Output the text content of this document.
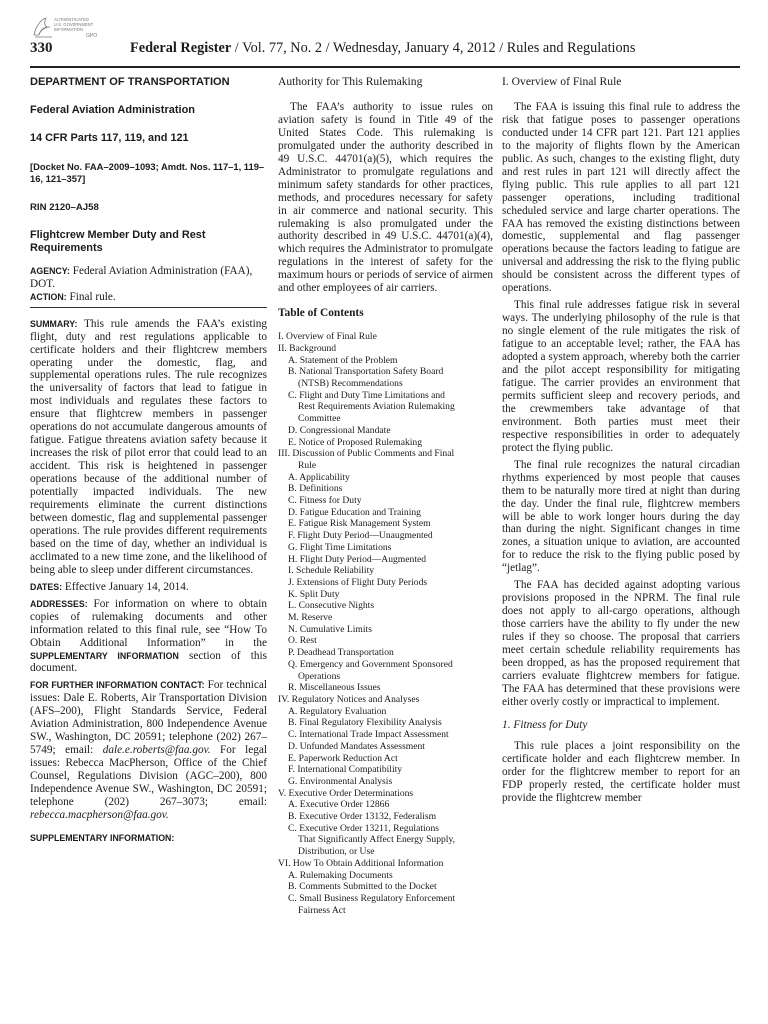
AUTHENTICATED
U.S. GOVERNMENT
INFORMATION
GPO
330	Federal Register / Vol. 77, No. 2 / Wednesday, January 4, 2012 / Rules and Regulations
DEPARTMENT OF TRANSPORTATION
Federal Aviation Administration
14 CFR Parts 117, 119, and 121
[Docket No. FAA–2009–1093; Amdt. Nos. 117–1, 119–16, 121–357]
RIN 2120–AJ58
Flightcrew Member Duty and Rest Requirements

AGENCY: Federal Aviation Administration (FAA), DOT.

ACTION: Final rule.

SUMMARY: This rule amends the FAA’s existing flight, duty and rest regulations applicable to certificate holders and their flightcrew members operating under the domestic, flag, and supplemental operations rules. The rule recognizes the universality of factors that lead to fatigue in most individuals and regulates these factors to ensure that flightcrew members in passenger operations do not accumulate dangerous amounts of fatigue. Fatigue threatens aviation safety because it increases the risk of pilot error that could lead to an accident. This risk is heightened in passenger operations because of the additional number of potentially impacted individuals. The new requirements eliminate the current distinctions between domestic, flag and supplemental passenger operations. The rule provides different requirements based on the time of day, whether an individual is acclimated to a new time zone, and the likelihood of being able to sleep under different circumstances.

DATES: Effective January 14, 2014.

ADDRESSES: For information on where to obtain copies of rulemaking documents and other information related to this final rule, see “How To Obtain Additional Information” in the SUPPLEMENTARY INFORMATION section of this document.

FOR FURTHER INFORMATION CONTACT: For technical issues: Dale E. Roberts, Air Transportation Division (AFS–200), Flight Standards Service, Federal Aviation Administration, 800 Independence Avenue SW., Washington, DC 20591; telephone (202) 267–5749; email: dale.e.roberts@faa.gov. For legal issues: Rebecca MacPherson, Office of the Chief Counsel, Regulations Division (AGC–200), 800 Independence Avenue SW., Washington, DC 20591; telephone (202) 267–3073; email: rebecca.macpherson@faa.gov.

SUPPLEMENTARY INFORMATION:
Authority for This Rulemaking

The FAA’s authority to issue rules on aviation safety is found in Title 49 of the United States Code. This rulemaking is promulgated under the authority described in 49 U.S.C. 44701(a)(5), which requires the Administrator to promulgate regulations and minimum safety standards for other practices, methods, and procedures necessary for safety in air commerce and national security. This rulemaking is also promulgated under the authority described in 49 U.S.C. 44701(a)(4), which requires the Administrator to promulgate regulations in the interest of safety for the maximum hours or periods of service of airmen and other employees of air carriers.

Table of Contents
I. Overview of Final Rule
II. Background
A. Statement of the Problem
B. National Transportation Safety Board
(NTSB) Recommendations
C. Flight and Duty Time Limitations and
Rest Requirements Aviation Rulemaking
Committee
D. Congressional Mandate
E. Notice of Proposed Rulemaking
III. Discussion of Public Comments and Final
Rule
A. Applicability
B. Definitions
C. Fitness for Duty
D. Fatigue Education and Training
E. Fatigue Risk Management System
F. Flight Duty Period—Unaugmented
G. Flight Time Limitations
H. Flight Duty Period—Augmented
I. Schedule Reliability
J. Extensions of Flight Duty Periods
K. Split Duty
L. Consecutive Nights
M. Reserve
N. Cumulative Limits
O. Rest
P. Deadhead Transportation
Q. Emergency and Government Sponsored
Operations
R. Miscellaneous Issues
IV. Regulatory Notices and Analyses
A. Regulatory Evaluation
B. Final Regulatory Flexibility Analysis
C. International Trade Impact Assessment
D. Unfunded Mandates Assessment
E. Paperwork Reduction Act
F. International Compatibility
G. Environmental Analysis
V. Executive Order Determinations
A. Executive Order 12866
B. Executive Order 13132, Federalism
C. Executive Order 13211, Regulations
That Significantly Affect Energy Supply,
Distribution, or Use
VI. How To Obtain Additional Information
A. Rulemaking Documents
B. Comments Submitted to the Docket
C. Small Business Regulatory Enforcement
Fairness Act
I. Overview of Final Rule

The FAA is issuing this final rule to address the risk that fatigue poses to passenger operations conducted under 14 CFR part 121. Part 121 applies to the majority of flights flown by the American public. As such, changes to the existing flight, duty and rest rules in part 121 will directly affect the flying public. This rule applies to all part 121 passenger operations, including traditional scheduled service and large charter operations. The FAA has removed the existing distinctions between domestic, supplemental and flag passenger operations because the factors leading to fatigue are universal and addressing the risk to the flying public should be consistent across the different types of operations.

This final rule addresses fatigue risk in several ways. The underlying philosophy of the rule is that no single element of the rule mitigates the risk of fatigue to an acceptable level; rather, the FAA has adopted a system approach, whereby both the carrier and the pilot accept responsibility for mitigating fatigue. The carrier provides an environment that permits sufficient sleep and recovery periods, and the crewmembers take advantage of that environment. Both parties must meet their respective responsibilities in order to adequately protect the flying public.

The final rule recognizes the natural circadian rhythms experienced by most people that causes them to be naturally more tired at night than during the day. Under the final rule, flightcrew members will be able to work longer hours during the day than during the night. Significant changes in time zones, a situation unique to aviation, are accounted for to reduce the risk to the flying public posed by “jetlag”.

The FAA has decided against adopting various provisions proposed in the NPRM. The final rule does not apply to all-cargo operations, although those carriers have the ability to fly under the new rules if they so choose. The proposal that carriers meet certain schedule reliability requirements has been dropped, as has the proposed requirement that carriers evaluate flightcrew members for fatigue. The FAA has determined that these provisions were either overly costly or impractical to implement.

1. Fitness for Duty

This rule places a joint responsibility on the certificate holder and each flightcrew member. In order for the flightcrew member to report for an FDP properly rested, the certificate holder must provide the flightcrew member
